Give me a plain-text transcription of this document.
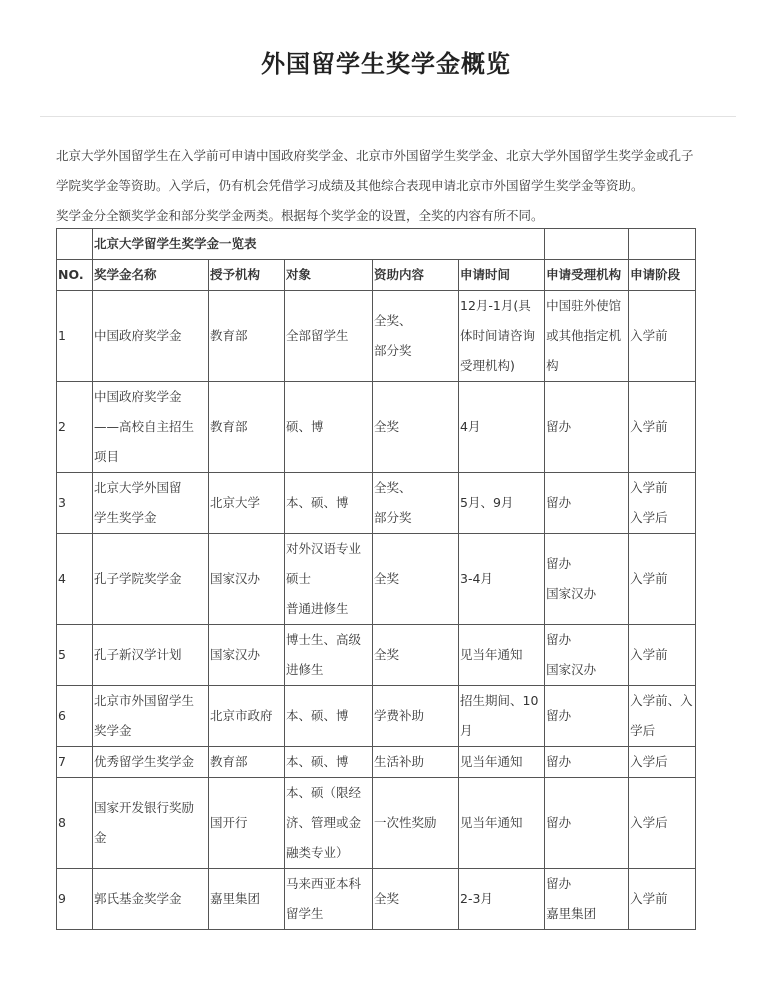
外国留学生奖学金概览

北京大学外国留学生在入学前可申请中国政府奖学金、北京市外国留学生奖学金、北京大学外国留学生奖学金或孔子

学院奖学金等资助。入学后，仍有机会凭借学习成绩及其他综合表现申请北京市外国留学生奖学金等资助。

奖学金分全额奖学金和部分奖学金两类。根据每个奖学金的设置，全奖的内容有所不同。

	北京大学留学生奖学金一览表						

NO.	奖学金名称	授予机构	对象	资助内容	申请时间	申请受理机构	申请阶段

1	中国政府奖学金	教育部	全部留学生	全奖、
部分奖	12月-1月(具
体时间请咨询
受理机构)	中国驻外使馆
或其他指定机
构	入学前

2	中国政府奖学金
——高校自主招生
项目	教育部	硕、博	全奖	4月	留办	入学前

3	北京大学外国留
学生奖学金	北京大学	本、硕、博	全奖、
部分奖	5月、9月	留办	入学前
入学后

4	孔子学院奖学金	国家汉办	对外汉语专业
硕士
普通进修生	全奖	3-4月	留办
国家汉办	入学前

5	孔子新汉学计划	国家汉办	博士生、高级
进修生	全奖	见当年通知	留办
国家汉办	入学前

6	北京市外国留学生
奖学金	北京市政府	本、硕、博	学费补助	招生期间、10
月	留办	入学前、入
学后

7	优秀留学生奖学金	教育部	本、硕、博	生活补助	见当年通知	留办	入学后

8	国家开发银行奖励
金	国开行	本、硕（限经
济、管理或金
融类专业）	一次性奖励	见当年通知	留办	入学后

9	郭氏基金奖学金	嘉里集团	马来西亚本科
留学生	全奖	2-3月	留办
嘉里集团	入学前
